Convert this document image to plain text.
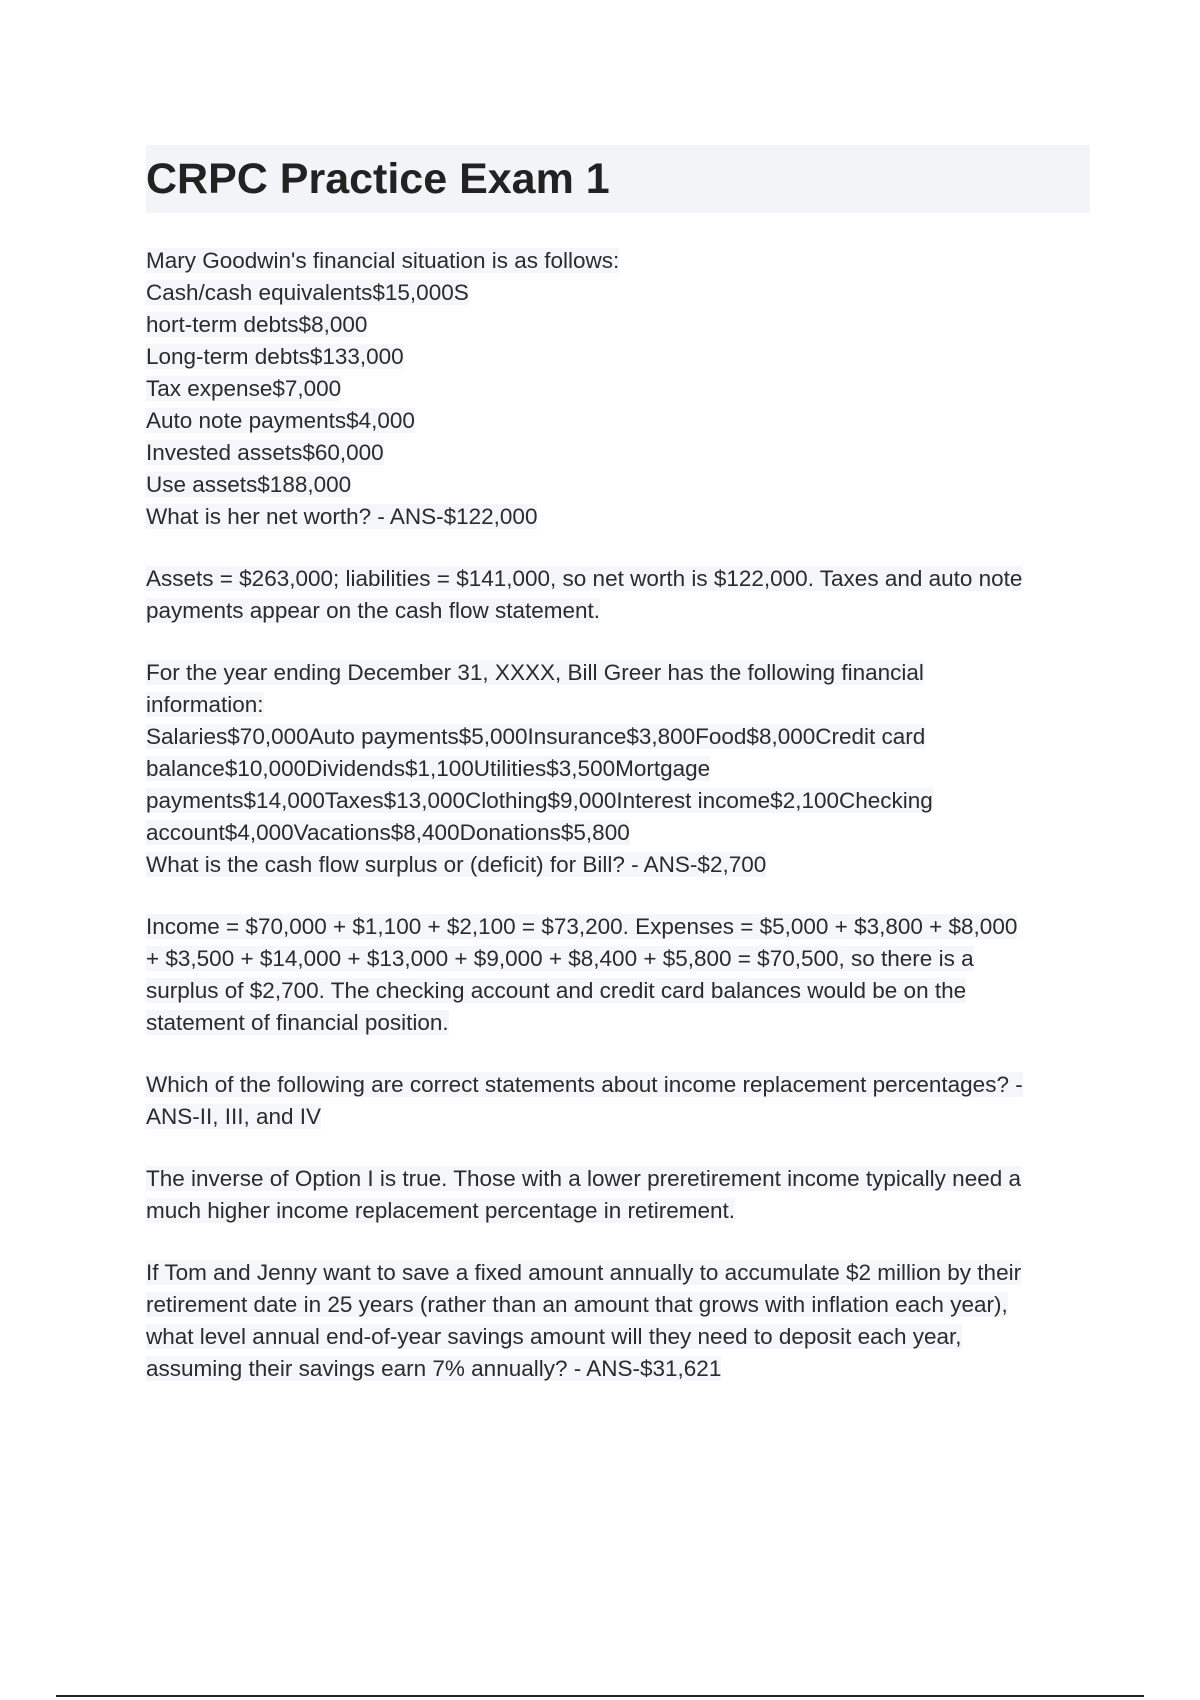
CRPC Practice Exam 1
Mary Goodwin's financial situation is as follows:
Cash/cash equivalents$15,000S
hort-term debts$8,000
Long-term debts$133,000
Tax expense$7,000
Auto note payments$4,000
Invested assets$60,000
Use assets$188,000
What is her net worth? - ANS-$122,000
Assets = $263,000; liabilities = $141,000, so net worth is $122,000. Taxes and auto note
payments appear on the cash flow statement.
For the year ending December 31, XXXX, Bill Greer has the following financial
information:
Salaries$70,000Auto payments$5,000Insurance$3,800Food$8,000Credit card
balance$10,000Dividends$1,100Utilities$3,500Mortgage
payments$14,000Taxes$13,000Clothing$9,000Interest income$2,100Checking
account$4,000Vacations$8,400Donations$5,800
What is the cash flow surplus or (deficit) for Bill? - ANS-$2,700
Income = $70,000 + $1,100 + $2,100 = $73,200. Expenses = $5,000 + $3,800 + $8,000
+ $3,500 + $14,000 + $13,000 + $9,000 + $8,400 + $5,800 = $70,500, so there is a
surplus of $2,700. The checking account and credit card balances would be on the
statement of financial position.
Which of the following are correct statements about income replacement percentages? -
ANS-II, III, and IV
The inverse of Option I is true. Those with a lower preretirement income typically need a
much higher income replacement percentage in retirement.
If Tom and Jenny want to save a fixed amount annually to accumulate $2 million by their
retirement date in 25 years (rather than an amount that grows with inflation each year),
what level annual end-of-year savings amount will they need to deposit each year,
assuming their savings earn 7% annually? - ANS-$31,621
